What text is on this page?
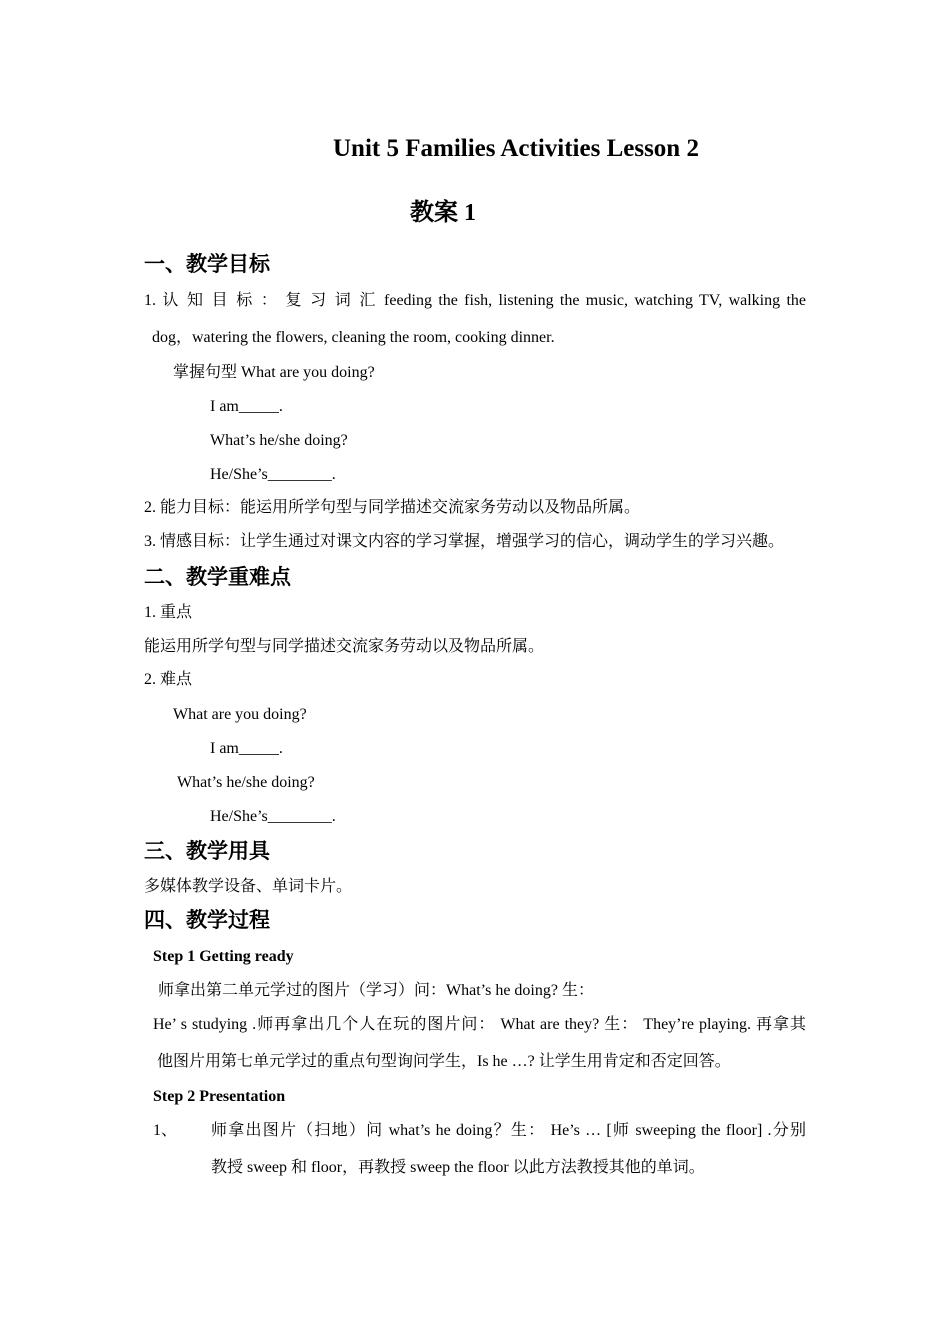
Unit 5 Families Activities Lesson 2
教案 1
一、教学目标
1. 认 知 目 标 ： 复 习 词 汇 feeding the fish, listening the music, watching TV, walking the
dog，watering the flowers, cleaning the room, cooking dinner.
掌握句型 What are you doing?
I am_____.
What’s he/she doing?
He/She’s________.
2. 能力目标：能运用所学句型与同学描述交流家务劳动以及物品所属。
3. 情感目标：让学生通过对课文内容的学习掌握，增强学习的信心，调动学生的学习兴趣。
二、教学重难点
1. 重点
能运用所学句型与同学描述交流家务劳动以及物品所属。
2. 难点
What are you doing?
I am_____.
What’s he/she doing?
He/She’s________.
三、教学用具
多媒体教学设备、单词卡片。
四、教学过程
Step 1 Getting ready
师拿出第二单元学过的图片（学习）问：What’s he doing? 生：
He’ s studying .师再拿出几个人在玩的图片问： What are they? 生： They’re playing. 再拿其
他图片用第七单元学过的重点句型询问学生，Is he …? 让学生用肯定和否定回答。
Step 2 Presentation
1、 师拿出图片（扫地）问 what’s he doing？生： He’s … [师 sweeping the floor] .分别
教授 sweep 和 floor，再教授 sweep the floor 以此方法教授其他的单词。
